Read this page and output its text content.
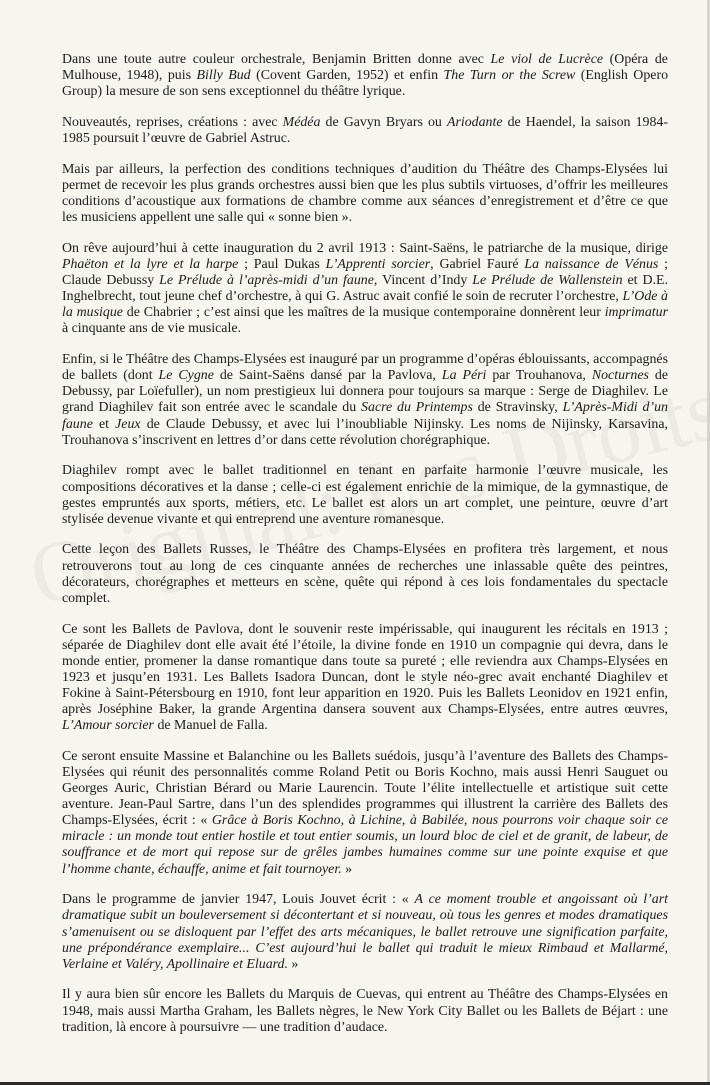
Dans une toute autre couleur orchestrale, Benjamin Britten donne avec Le viol de Lucrèce (Opéra de Mulhouse, 1948), puis Billy Bud (Covent Garden, 1952) et enfin The Turn or the Screw (English Opero Group) la mesure de son sens exceptionnel du théâtre lyrique.

Nouveautés, reprises, créations : avec Médéa de Gavyn Bryars ou Ariodante de Haendel, la saison 1984-1985 poursuit l’œuvre de Gabriel Astruc.

Mais par ailleurs, la perfection des conditions techniques d’audition du Théâtre des Champs-Elysées lui permet de recevoir les plus grands orchestres aussi bien que les plus subtils virtuoses, d’offrir les meilleures conditions d’acoustique aux formations de chambre comme aux séances d’enregistrement et d’être ce que les musiciens appellent une salle qui « sonne bien ».

On rêve aujourd’hui à cette inauguration du 2 avril 1913 : Saint-Saëns, le patriarche de la musique, dirige Phaëton et la lyre et la harpe ; Paul Dukas L’Apprenti sorcier, Gabriel Fauré La naissance de Vénus ; Claude Debussy Le Prélude à l’après-midi d’un faune, Vincent d’Indy Le Prélude de Wallenstein et D.E. Inghelbrecht, tout jeune chef d’orchestre, à qui G. Astruc avait confié le soin de recruter l’orchestre, L’Ode à la musique de Chabrier ; c’est ainsi que les maîtres de la musique contemporaine donnèrent leur imprimatur à cinquante ans de vie musicale.

Enfin, si le Théâtre des Champs-Elysées est inauguré par un programme d’opéras éblouissants, accompagnés de ballets (dont Le Cygne de Saint-Saëns dansé par la Pavlova, La Péri par Trouhanova, Nocturnes de Debussy, par Loïefuller), un nom prestigieux lui donnera pour toujours sa marque : Serge de Diaghilev. Le grand Diaghilev fait son entrée avec le scandale du Sacre du Printemps de Stravinsky, L’Après-Midi d’un faune et Jeux de Claude Debussy, et avec lui l’inoubliable Nijinsky. Les noms de Nijinsky, Karsavina, Trouhanova s’inscrivent en lettres d’or dans cette révolution chorégraphique.

Diaghilev rompt avec le ballet traditionnel en tenant en parfaite harmonie l’œuvre musicale, les compositions décoratives et la danse ; celle-ci est également enrichie de la mimique, de la gymnastique, de gestes empruntés aux sports, métiers, etc. Le ballet est alors un art complet, une peinture, œuvre d’art stylisée devenue vivante et qui entreprend une aventure romanesque.

Cette leçon des Ballets Russes, le Théâtre des Champs-Elysées en profitera très largement, et nous retrouverons tout au long de ces cinquante années de recherches une inlassable quête des peintres, décorateurs, chorégraphes et metteurs en scène, quête qui répond à ces lois fondamentales du spectacle complet.

Ce sont les Ballets de Pavlova, dont le souvenir reste impérissable, qui inaugurent les récitals en 1913 ; séparée de Diaghilev dont elle avait été l’étoile, la divine fonde en 1910 un compagnie qui devra, dans le monde entier, promener la danse romantique dans toute sa pureté ; elle reviendra aux Champs-Elysées en 1923 et jusqu’en 1931. Les Ballets Isadora Duncan, dont le style néo-grec avait enchanté Diaghilev et Fokine à Saint-Pétersbourg en 1910, font leur apparition en 1920. Puis les Ballets Leonidov en 1921 enfin, après Joséphine Baker, la grande Argentina dansera souvent aux Champs-Elysées, entre autres œuvres, L’Amour sorcier de Manuel de Falla.

Ce seront ensuite Massine et Balanchine ou les Ballets suédois, jusqu’à l’aventure des Ballets des Champs-Elysées qui réunit des personnalités comme Roland Petit ou Boris Kochno, mais aussi Henri Sauguet ou Georges Auric, Christian Bérard ou Marie Laurencin. Toute l’élite intellectuelle et artistique suit cette aventure. Jean-Paul Sartre, dans l’un des splendides programmes qui illustrent la carrière des Ballets des Champs-Elysées, écrit : « Grâce à Boris Kochno, à Lichine, à Babilée, nous pourrons voir chaque soir ce miracle : un monde tout entier hostile et tout entier soumis, un lourd bloc de ciel et de granit, de labeur, de souffrance et de mort qui repose sur de grêles jambes humaines comme sur une pointe exquise et que l’homme chante, échauffe, anime et fait tournoyer. »

Dans le programme de janvier 1947, Louis Jouvet écrit : « A ce moment trouble et angoissant où l’art dramatique subit un bouleversement si décontertant et si nouveau, où tous les genres et modes dramatiques s’amenuisent ou se disloquent par l’effet des arts mécaniques, le ballet retrouve une signification parfaite, une prépondérance exemplaire... C’est aujourd’hui le ballet qui traduit le mieux Rimbaud et Mallarmé, Verlaine et Valéry, Apollinaire et Eluard. »

Il y aura bien sûr encore les Ballets du Marquis de Cuevas, qui entrent au Théâtre des Champs-Elysées en 1948, mais aussi Martha Graham, les Ballets nègres, le New York City Ballet ou les Ballets de Béjart : une tradition, là encore à poursuivre — une tradition d’audace.
